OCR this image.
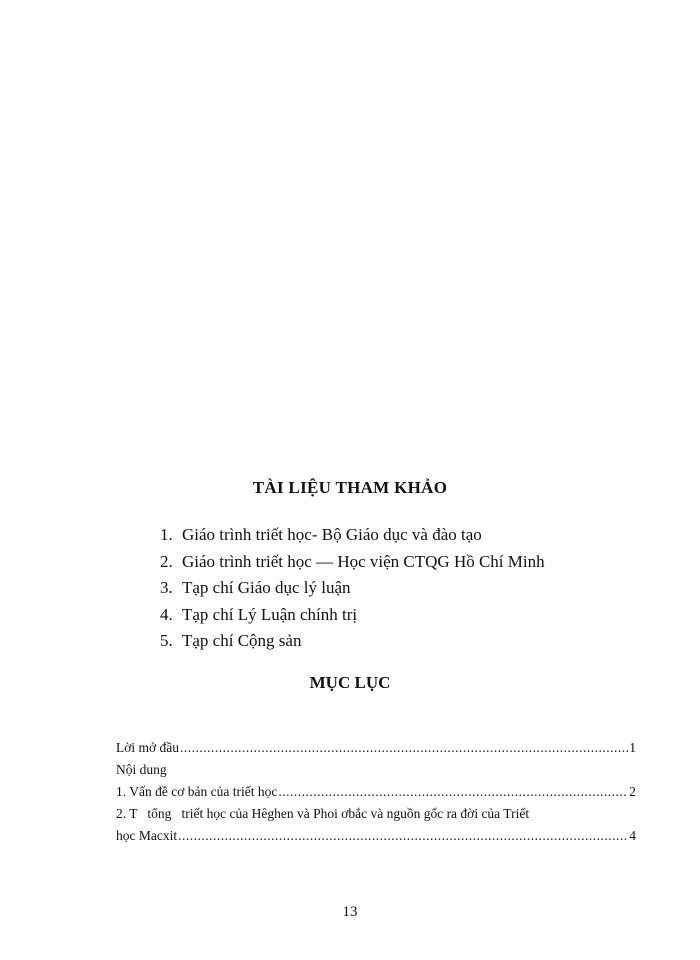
TÀI LIỆU THAM KHẢO
1. Giáo trình triết học- Bộ Giáo dục và đào tạo
2. Giáo trình triết học — Học viện CTQG Hồ Chí Minh
3. Tạp chí Giáo dục lý luận
4. Tạp chí Lý Luận chính trị
5. Tạp chí Cộng sản
MỤC LỤC
Lời mở đầu .....	1
Nội dung
1. Vấn đề cơ bản của triết học .....	2
2. T   tổng   triết học của Hêghen và Phoi ơbắc và nguồn gốc ra đời của Triết
học Macxit .....	4
13
